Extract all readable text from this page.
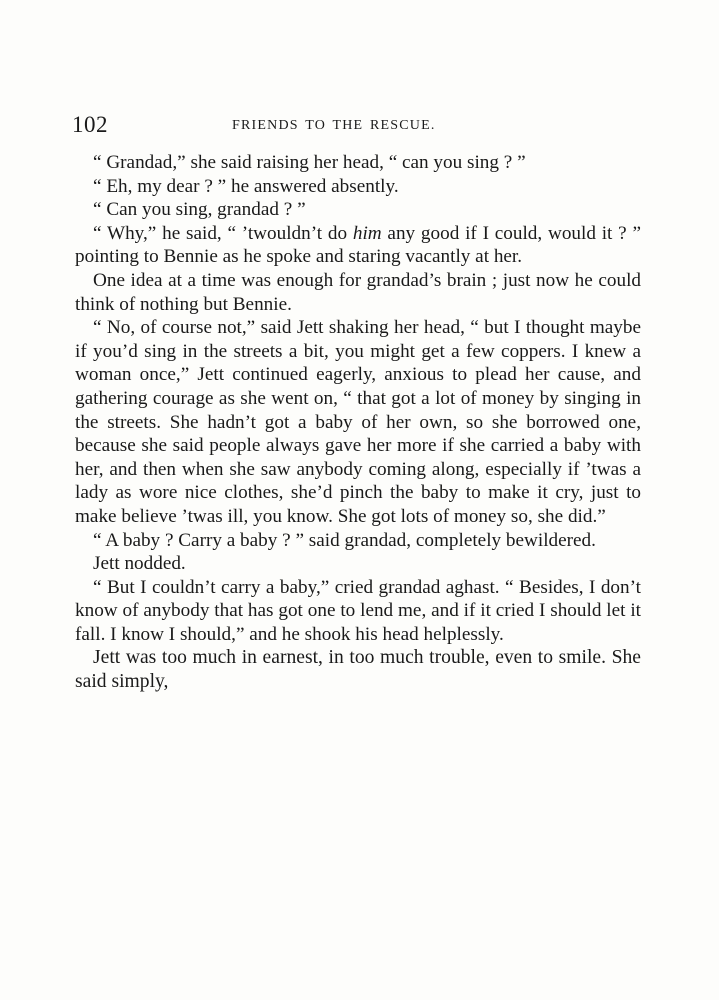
102	FRIENDS TO THE RESCUE.

“ Grandad,” she said raising her head, “ can you sing ? ”

“ Eh, my dear ? ” he answered absently.

“ Can you sing, grandad ? ”

“ Why,” he said, “ ’twouldn’t do him any good if I could, would it ? ” pointing to Bennie as he spoke and staring vacantly at her.

One idea at a time was enough for grandad’s brain ; just now he could think of nothing but Bennie.

“ No, of course not,” said Jett shaking her head, “ but I thought maybe if you’d sing in the streets a bit, you might get a few coppers. I knew a woman once,” Jett continued eagerly, anxious to plead her cause, and gathering courage as she went on, “ that got a lot of money by singing in the streets. She hadn’t got a baby of her own, so she borrowed one, because she said people always gave her more if she carried a baby with her, and then when she saw anybody coming along, especially if ’twas a lady as wore nice clothes, she’d pinch the baby to make it cry, just to make believe ’twas ill, you know. She got lots of money so, she did.”

“ A baby ? Carry a baby ? ” said grandad, completely bewildered.

Jett nodded.

“ But I couldn’t carry a baby,” cried grandad aghast. “ Besides, I don’t know of anybody that has got one to lend me, and if it cried I should let it fall. I know I should,” and he shook his head helplessly.

Jett was too much in earnest, in too much trouble, even to smile. She said simply,
